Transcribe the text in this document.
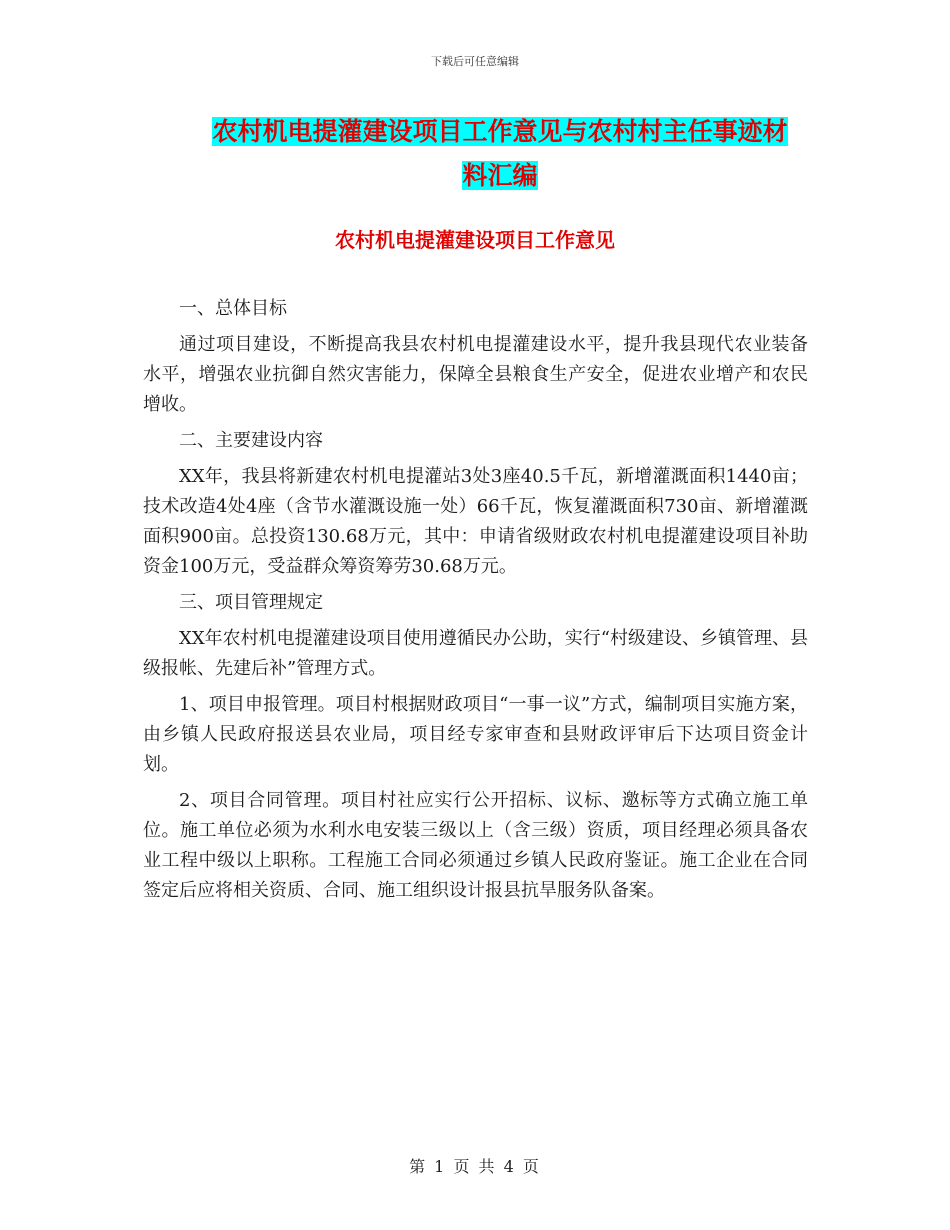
下载后可任意编辑
农村机电提灌建设项目工作意见与农村村主任事迹材
料汇编
农村机电提灌建设项目工作意见

一、总体目标

通过项目建设，不断提高我县农村机电提灌建设水平，提升我县现代农业装备水平，增强农业抗御自然灾害能力，保障全县粮食生产安全，促进农业增产和农民增收。

二、主要建设内容

XX年，我县将新建农村机电提灌站3处3座40.5千瓦，新增灌溉面积1440亩；技术改造4处4座（含节水灌溉设施一处）66千瓦，恢复灌溉面积730亩、新增灌溉面积900亩。总投资130.68万元，其中：申请省级财政农村机电提灌建设项目补助资金100万元，受益群众筹资筹劳30.68万元。

三、项目管理规定

XX年农村机电提灌建设项目使用遵循民办公助，实行“村级建设、乡镇管理、县级报帐、先建后补”管理方式。

1、项目申报管理。项目村根据财政项目“一事一议”方式，编制项目实施方案，由乡镇人民政府报送县农业局，项目经专家审查和县财政评审后下达项目资金计划。

2、项目合同管理。项目村社应实行公开招标、议标、邀标等方式确立施工单位。施工单位必须为水利水电安装三级以上（含三级）资质，项目经理必须具备农业工程中级以上职称。工程施工合同必须通过乡镇人民政府鉴证。施工企业在合同签定后应将相关资质、合同、施工组织设计报县抗旱服务队备案。

第 1 页 共 4 页
